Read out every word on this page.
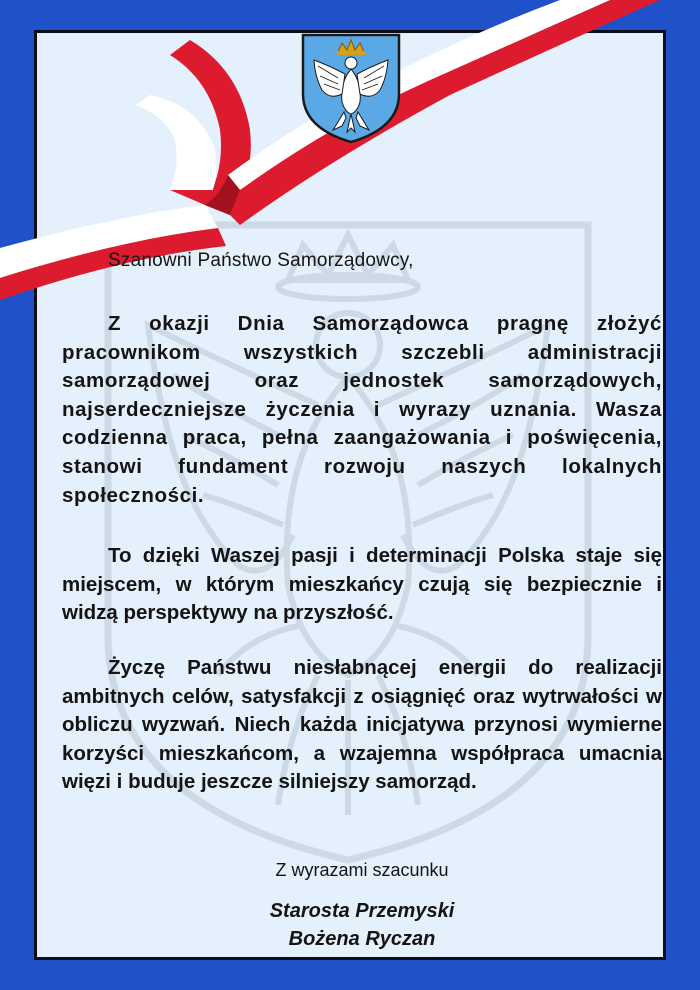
Szanowni Państwo Samorządowcy,

Z okazji Dnia Samorządowca pragnę złożyć pracownikom wszystkich szczebli administracji samorządowej oraz jednostek samorządowych, najserdeczniejsze życzenia i wyrazy uznania. Wasza codzienna praca, pełna zaangażowania i poświęcenia, stanowi fundament rozwoju naszych lokalnych społeczności.

To dzięki Waszej pasji i determinacji Polska staje się miejscem, w którym mieszkańcy czują się bezpiecznie i widzą perspektywy na przyszłość.

Życzę Państwu niesłabnącej energii do realizacji ambitnych celów, satysfakcji z osiągnięć oraz wytrwałości w obliczu wyzwań. Niech każda inicjatywa przynosi wymierne korzyści mieszkańcom, a wzajemna współpraca umacnia więzi i buduje jeszcze silniejszy samorząd.

Z wyrazami szacunku

Starosta Przemyski

Bożena Ryczan
